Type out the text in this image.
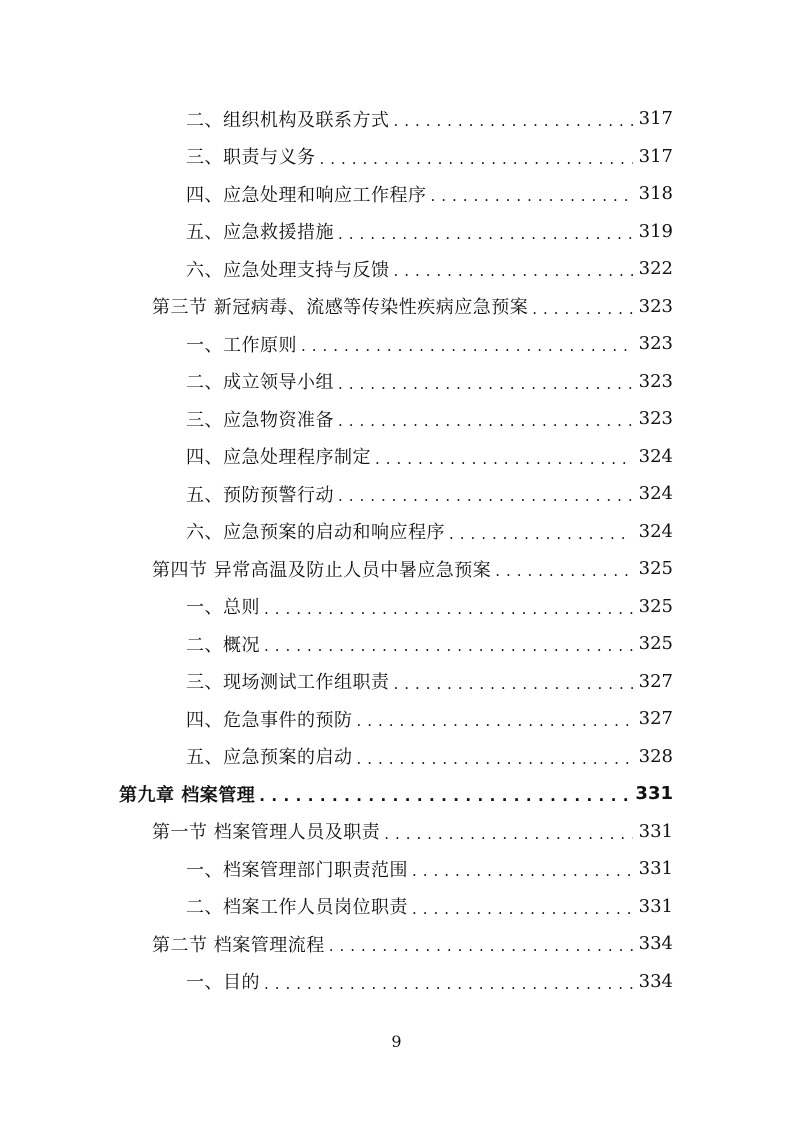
二、组织机构及联系方式 . . .	317
三、职责与义务 . . .	317
四、应急处理和响应工作程序 . . .	318
五、应急救援措施 . . .	319
六、应急处理支持与反馈 . . .	322
第三节 新冠病毒、流感等传染性疾病应急预案 . . .	323
一、工作原则 . . .	323
二、成立领导小组 . . .	323
三、应急物资准备 . . .	323
四、应急处理程序制定 . . .	324
五、预防预警行动 . . .	324
六、应急预案的启动和响应程序 . . .	324
第四节 异常高温及防止人员中暑应急预案 . . .	325
一、总则 . . .	325
二、概况 . . .	325
三、现场测试工作组职责 . . .	327
四、危急事件的预防 . . .	327
五、应急预案的启动 . . .	328
第九章 档案管理 . . .	331
第一节 档案管理人员及职责 . . .	331
一、档案管理部门职责范围 . . .	331
二、档案工作人员岗位职责 . . .	331
第二节 档案管理流程 . . .	334
一、目的 . . .	334
9
